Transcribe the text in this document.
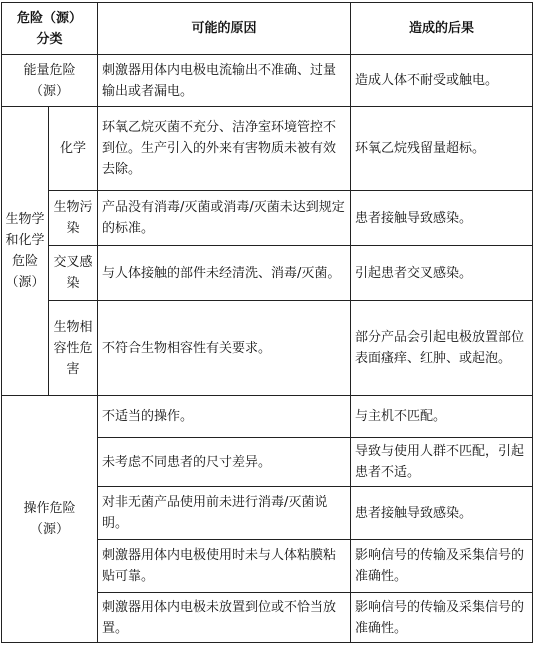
危险（源）
分类		可能的原因	造成的后果

能量危险
（源）		刺激器用体内电极电流输出不准确、过量输出或者漏电。	造成人体不耐受或触电。
生物学和化学危险（源）	化学	环氧乙烷灭菌不充分、洁净室环境管控不到位。生产引入的外来有害物质未被有效去除。	环氧乙烷残留量超标。
	生物污染	产品没有消毒/灭菌或消毒/灭菌未达到规定的标准。	患者接触导致感染。
	交叉感染	与人体接触的部件未经清洗、消毒/灭菌。	引起患者交叉感染。
	生物相容性危害	不符合生物相容性有关要求。	部分产品会引起电极放置部位表面瘙痒、红肿、或起泡。

操作危险
（源）		不适当的操作。	与主机不匹配。
		未考虑不同患者的尺寸差异。	导致与使用人群不匹配，引起患者不适。
		对非无菌产品使用前未进行消毒/灭菌说明。	患者接触导致感染。
		刺激器用体内电极使用时未与人体粘膜粘贴可靠。	影响信号的传输及采集信号的准确性。
		刺激器用体内电极未放置到位或不恰当放置。	影响信号的传输及采集信号的准确性。
